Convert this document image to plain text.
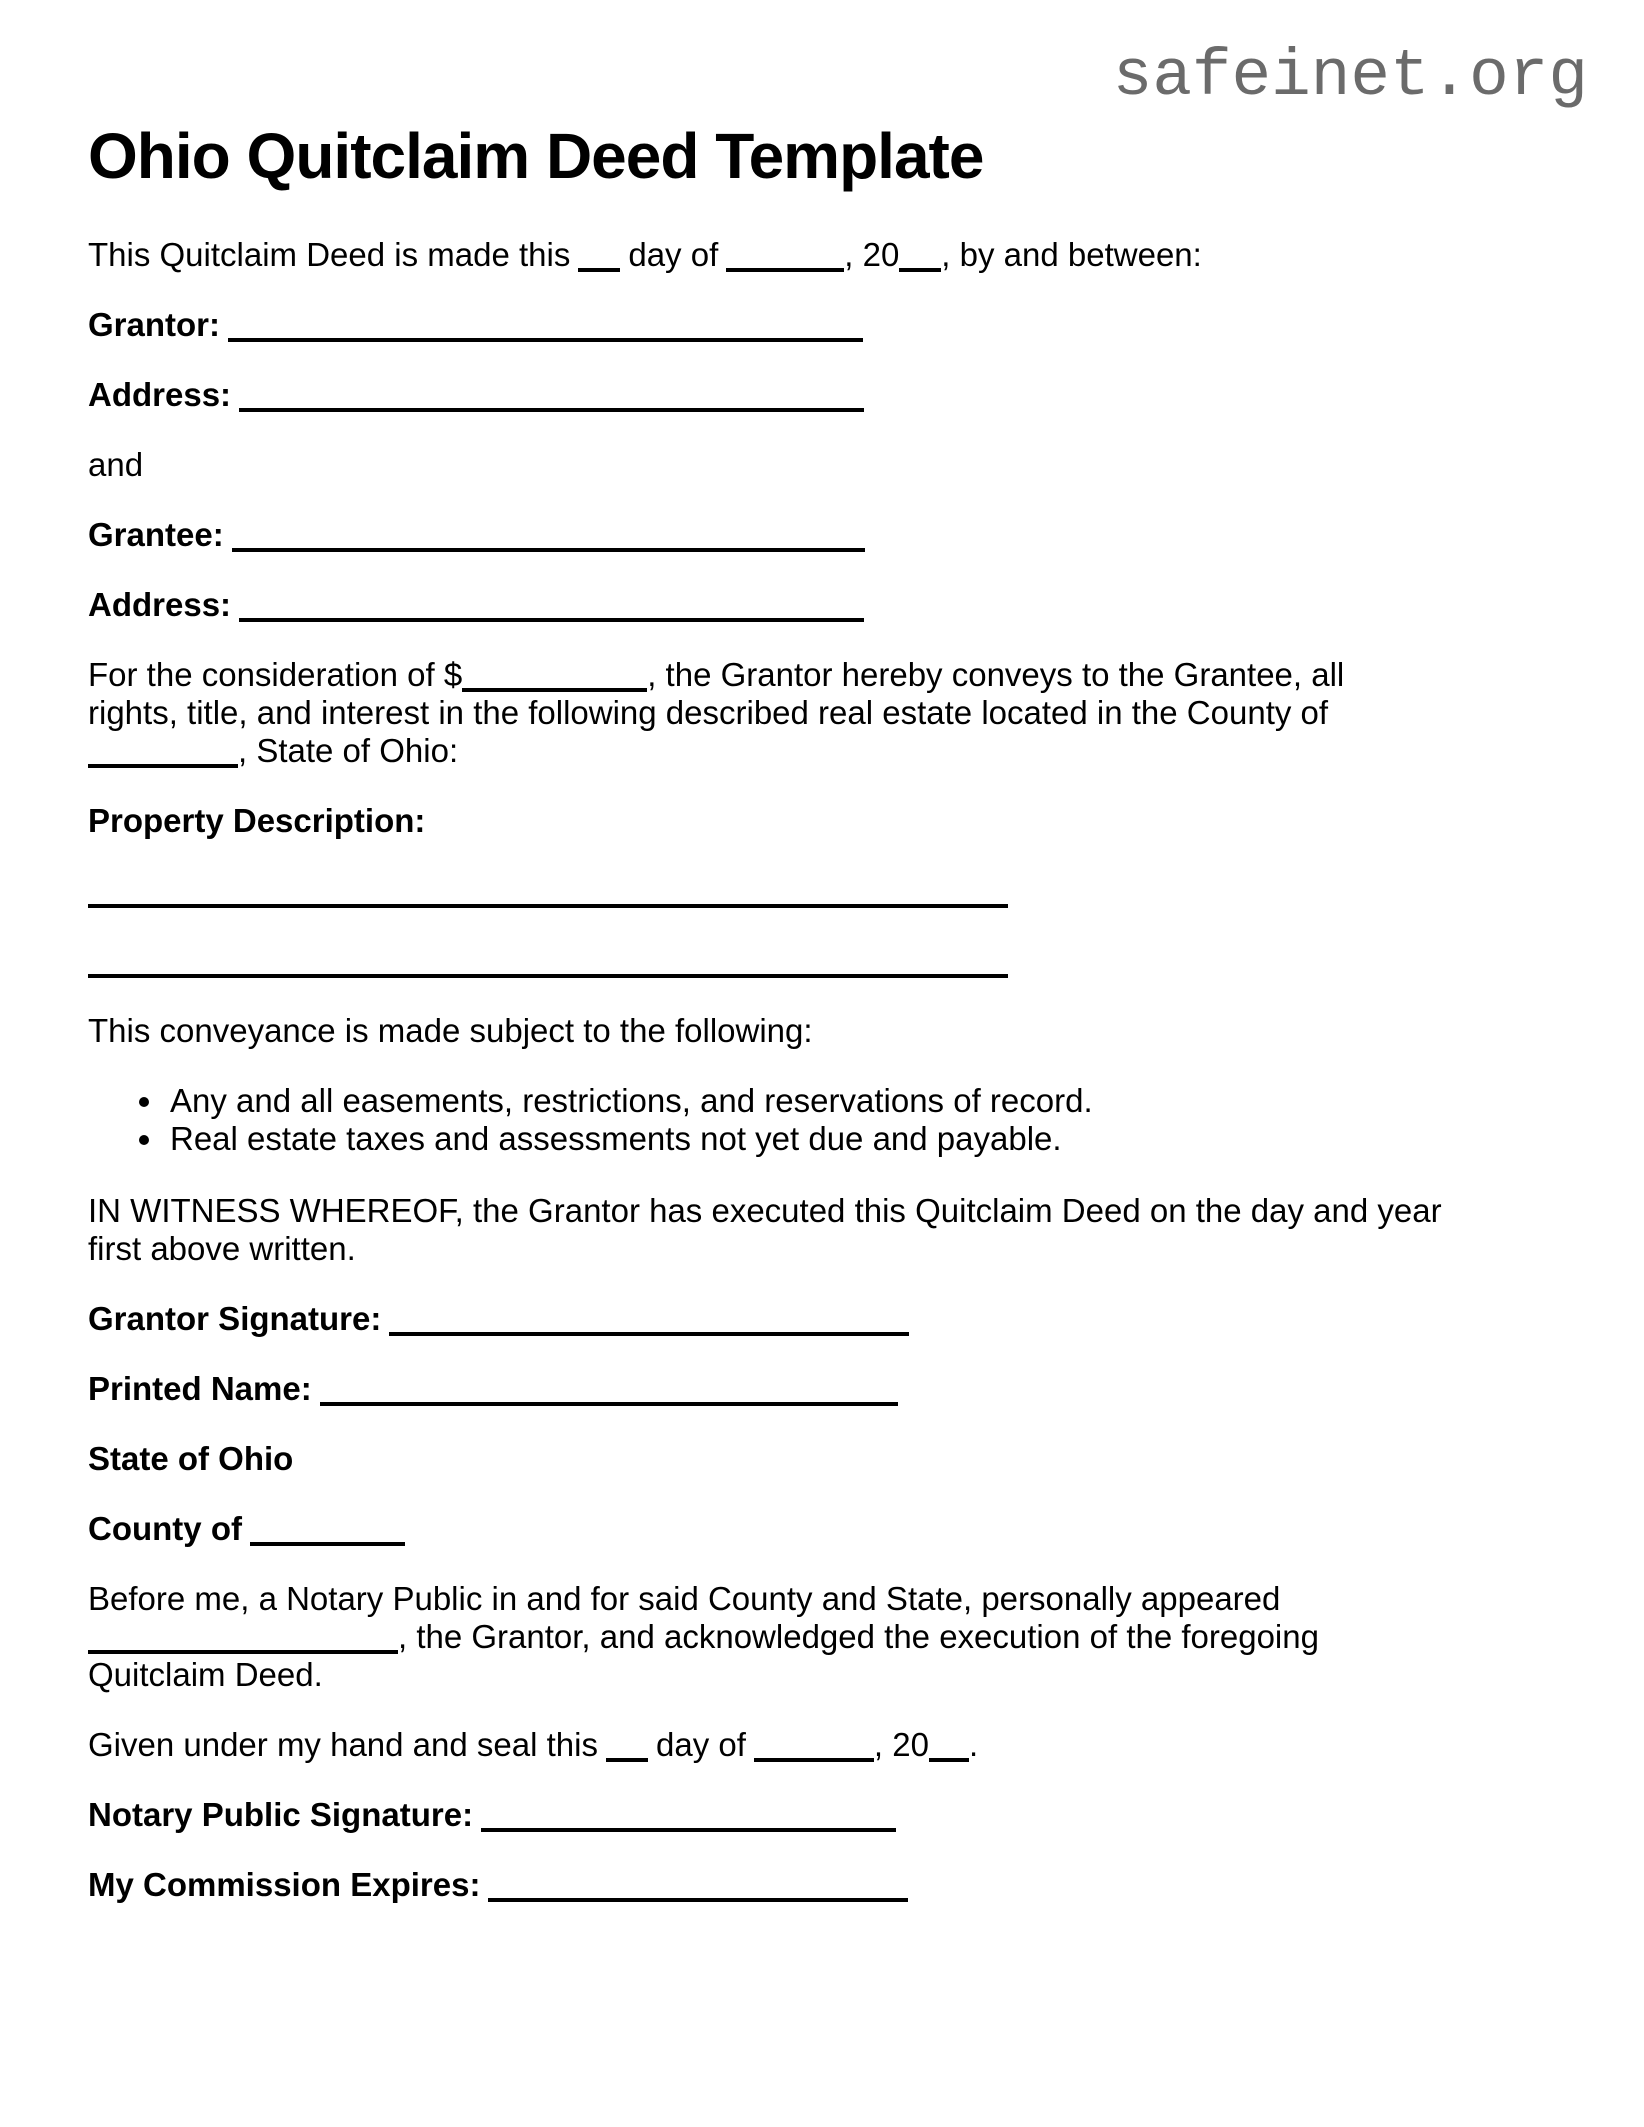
safeinet.org
Ohio Quitclaim Deed Template

This Quitclaim Deed is made this day of	, 20 , by and between:

Grantor:
Address:

and

Grantee:
Address:

For the consideration of $	, the Grantor hereby conveys to the Grantee, all
rights, title, and interest in the following described real estate located in the County of
, State of Ohio:

Property Description:

This conveyance is made subject to the following:

• Any and all easements, restrictions, and reservations of record.
• Real estate taxes and assessments not yet due and payable.

IN WITNESS WHEREOF, the Grantor has executed this Quitclaim Deed on the day and year
first above written.

Grantor Signature:
Printed Name:

State of Ohio

County of

Before me, a Notary Public in and for said County and State, personally appeared
, the Grantor, and acknowledged the execution of the foregoing
Quitclaim Deed.

Given under my hand and seal this day of	, 20 .

Notary Public Signature:
My Commission Expires:
